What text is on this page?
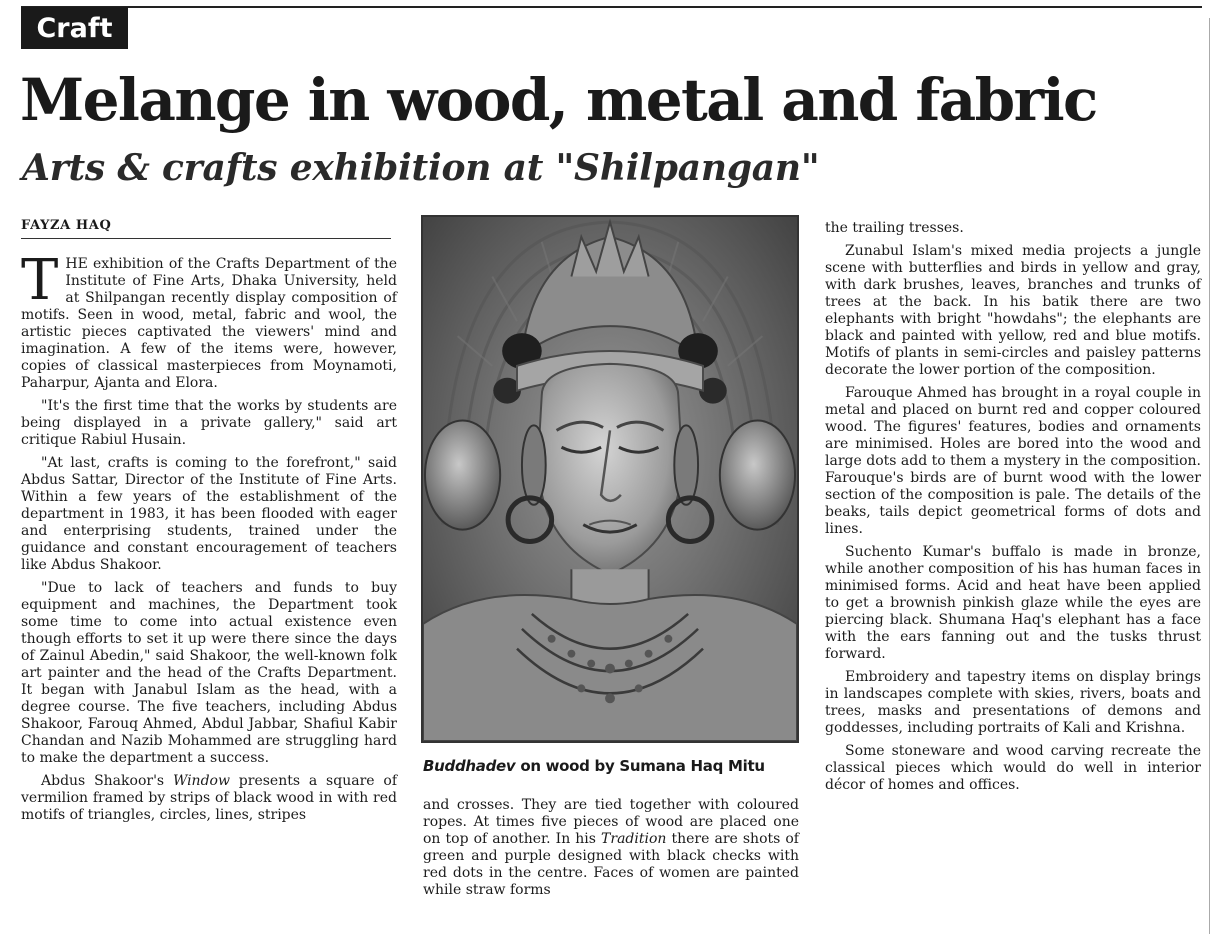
Craft
Melange in wood, metal and fabric
Arts & crafts exhibition at "Shilpangan"
FAYZA HAQ

THE exhibition of the Crafts Department of the Institute of Fine Arts, Dhaka University, held at Shilpangan recently display composition of motifs. Seen in wood, metal, fabric and wool, the artistic pieces captivated the viewers' mind and imagination. A few of the items were, however, copies of classical masterpieces from Moynamoti, Paharpur, Ajanta and Elora.

"It's the first time that the works by students are being displayed in a private gallery," said art critique Rabiul Husain.

"At last, crafts is coming to the forefront," said Abdus Sattar, Director of the Institute of Fine Arts. Within a few years of the establishment of the department in 1983, it has been flooded with eager and enterprising students, trained under the guidance and constant encouragement of teachers like Abdus Shakoor.

"Due to lack of teachers and funds to buy equipment and machines, the Department took some time to come into actual existence even though efforts to set it up were there since the days of Zainul Abedin," said Shakoor, the well-known folk art painter and the head of the Crafts Department. It began with Janabul Islam as the head, with a degree course. The five teachers, including Abdus Shakoor, Farouq Ahmed, Abdul Jabbar, Shafiul Kabir Chandan and Nazib Mohammed are struggling hard to make the department a success.

Abdus Shakoor's Window presents a square of vermilion framed by strips of black wood in with red motifs of triangles, circles, lines, stripes

Buddhadev on wood by Sumana Haq Mitu

and crosses. They are tied together with coloured ropes. At times five pieces of wood are placed one on top of another. In his Tradition there are shots of green and purple designed with black checks with red dots in the centre. Faces of women are painted while straw forms

the trailing tresses.

Zunabul Islam's mixed media projects a jungle scene with butterflies and birds in yellow and gray, with dark brushes, leaves, branches and trunks of trees at the back. In his batik there are two elephants with bright "howdahs"; the elephants are black and painted with yellow, red and blue motifs. Motifs of plants in semi-circles and paisley patterns decorate the lower portion of the composition.

Farouque Ahmed has brought in a royal couple in metal and placed on burnt red and copper coloured wood. The figures' features, bodies and ornaments are minimised. Holes are bored into the wood and large dots add to them a mystery in the composition. Farouque's birds are of burnt wood with the lower section of the composition is pale. The details of the beaks, tails depict geometrical forms of dots and lines.

Suchento Kumar's buffalo is made in bronze, while another composition of his has human faces in minimised forms. Acid and heat have been applied to get a brownish pinkish glaze while the eyes are piercing black. Shumana Haq's elephant has a face with the ears fanning out and the tusks thrust forward.

Embroidery and tapestry items on display brings in landscapes complete with skies, rivers, boats and trees, masks and presentations of demons and goddesses, including portraits of Kali and Krishna.

Some stoneware and wood carving recreate the classical pieces which would do well in interior décor of homes and offices.
